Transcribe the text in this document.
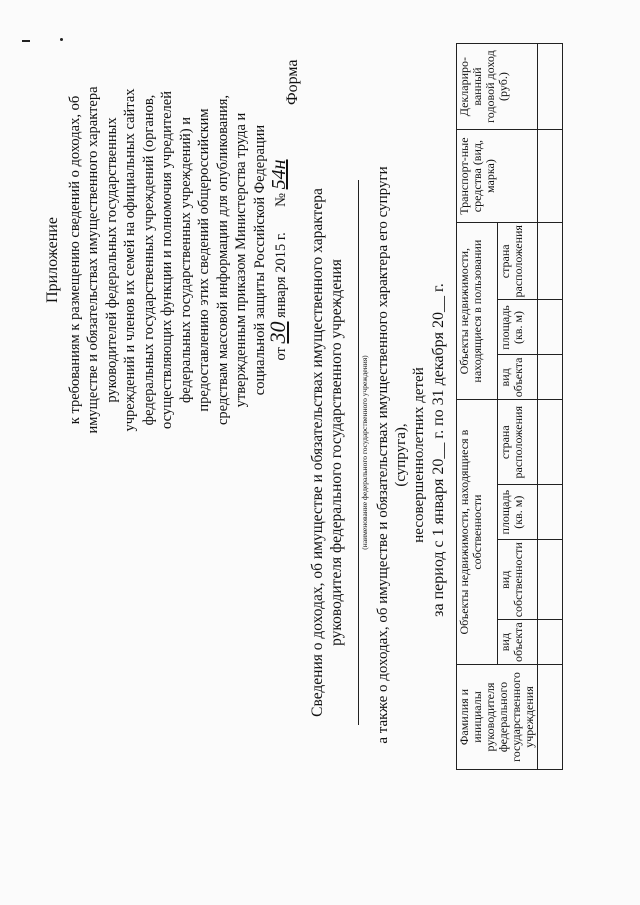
Приложение к требованиям к размещению сведений о доходах, об имуществе и обязательствах имущественного характера руководителей федеральных государственных учреждений и членов их семей на официальных сайтах федеральных государственных учреждений (органов, осуществляющих функции и полномочия учредителей федеральных государственных учреждений) и предоставлению этих сведений общероссийским средствам массовой информации для опубликования, утвержденным приказом Министерства труда и социальной защиты Российской Федерации от 30 января 2015 г.       № 54н
Форма
Сведения о доходах, об имуществе и обязательствах имущественного характера руководителя федерального государственного учреждения (наименование федерального государственного учреждения) а также о доходах, об имуществе и обязательствах имущественного характера его супруги (супруга), несовершеннолетних детей за период с 1 января 20__ г. по 31 декабря 20__ г.
Фамилия и инициалы руководителя федерального государственного учреждения	Объекты недвижимости, находящиеся в собственности				Объекты недвижимости, находящиеся в пользовании			Транспорт-ные средства (вид, марка)	Деклариро-ванный годовой доход (руб.)
	вид объекта	вид собственности	площадь (кв. м)	страна расположения	вид объекта	площадь (кв. м)	страна расположения		
